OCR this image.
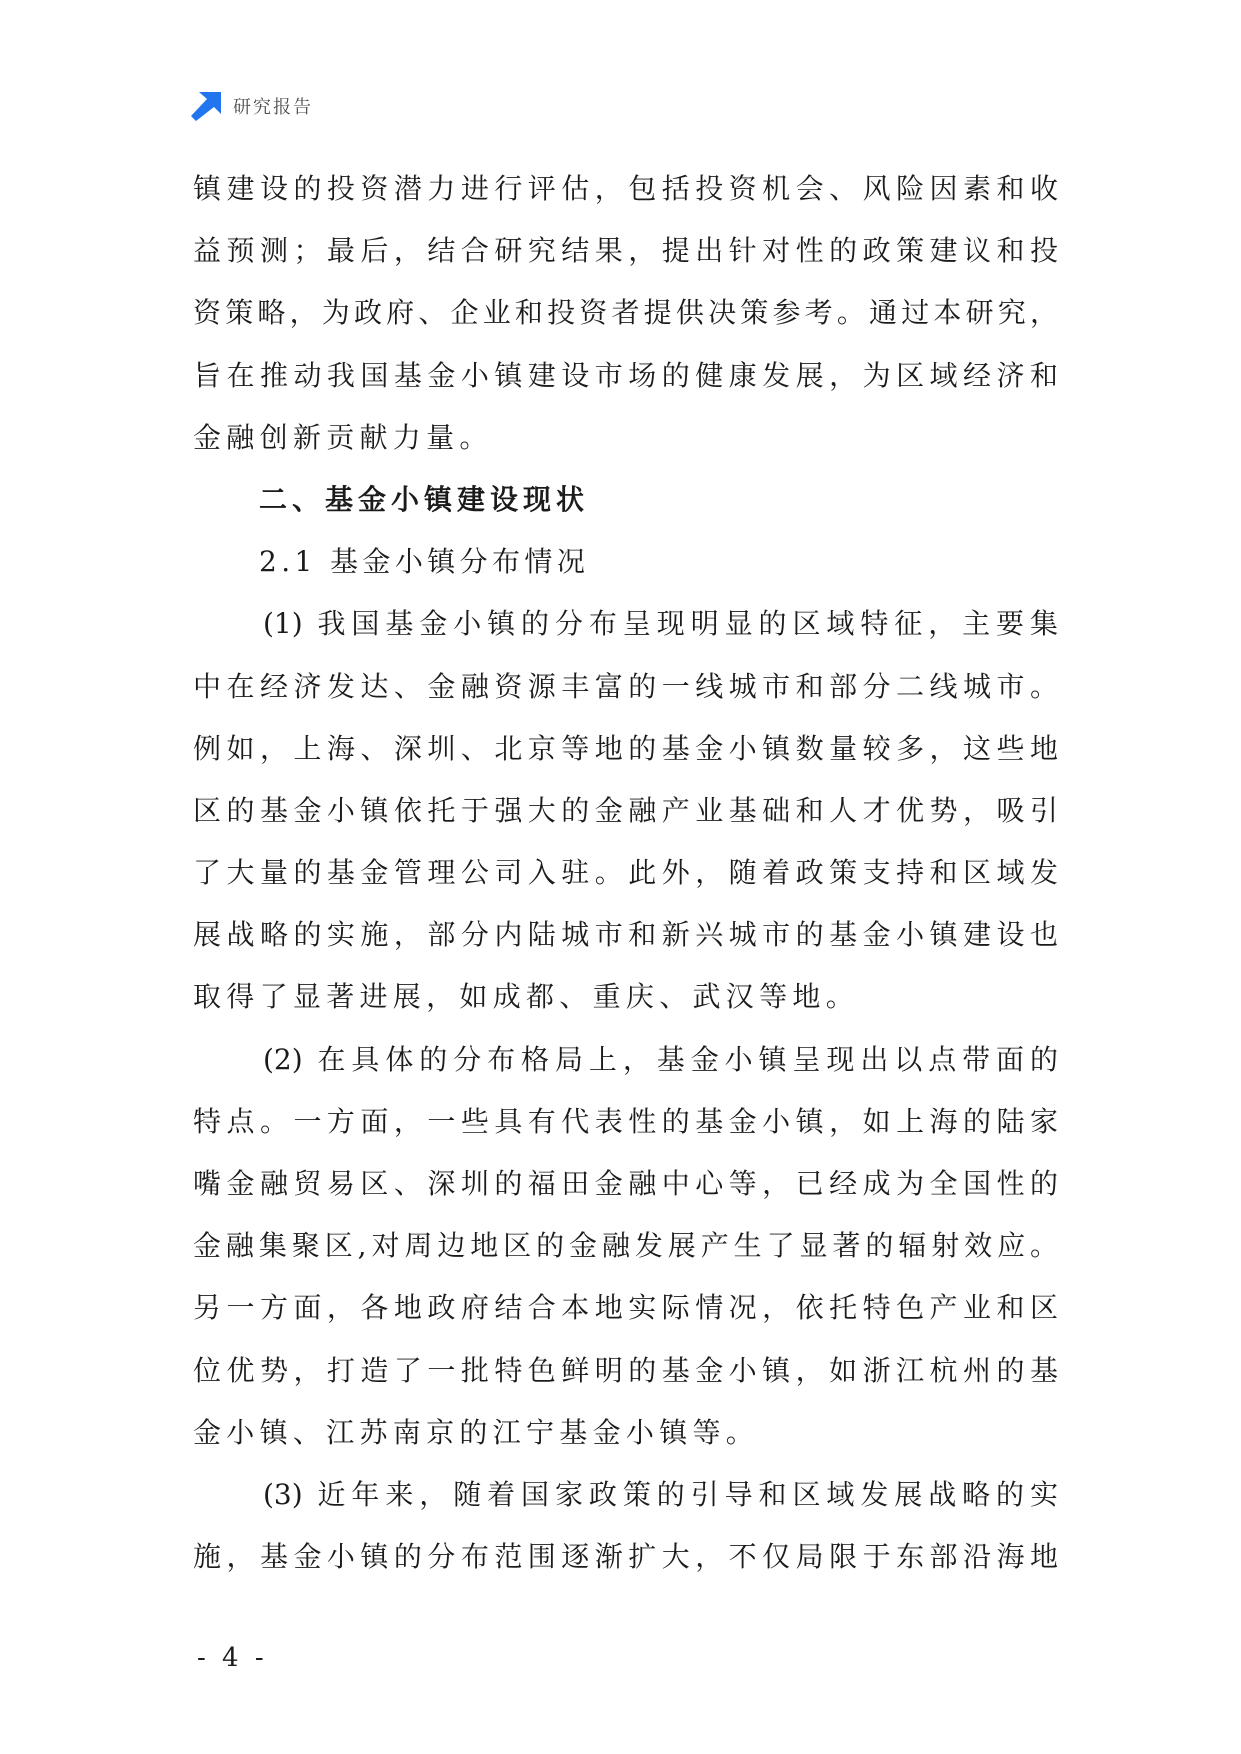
研究报告
镇建设的投资潜力进行评估，包括投资机会、风险因素和收
益预测；最后，结合研究结果，提出针对性的政策建议和投
资策略，为政府、企业和投资者提供决策参考。通过本研究，
旨在推动我国基金小镇建设市场的健康发展，为区域经济和
金融创新贡献力量。
二、基金小镇建设现状
2.1 基金小镇分布情况
(1) 我国基金小镇的分布呈现明显的区域特征，主要集
中在经济发达、金融资源丰富的一线城市和部分二线城市。
例如，上海、深圳、北京等地的基金小镇数量较多，这些地
区的基金小镇依托于强大的金融产业基础和人才优势，吸引
了大量的基金管理公司入驻。此外，随着政策支持和区域发
展战略的实施，部分内陆城市和新兴城市的基金小镇建设也
取得了显著进展，如成都、重庆、武汉等地。
(2) 在具体的分布格局上，基金小镇呈现出以点带面的
特点。一方面，一些具有代表性的基金小镇，如上海的陆家
嘴金融贸易区、深圳的福田金融中心等，已经成为全国性的
金融集聚区,对周边地区的金融发展产生了显著的辐射效应。
另一方面，各地政府结合本地实际情况，依托特色产业和区
位优势，打造了一批特色鲜明的基金小镇，如浙江杭州的基
金小镇、江苏南京的江宁基金小镇等。
(3) 近年来，随着国家政策的引导和区域发展战略的实
施，基金小镇的分布范围逐渐扩大，不仅局限于东部沿海地
- 4 -
